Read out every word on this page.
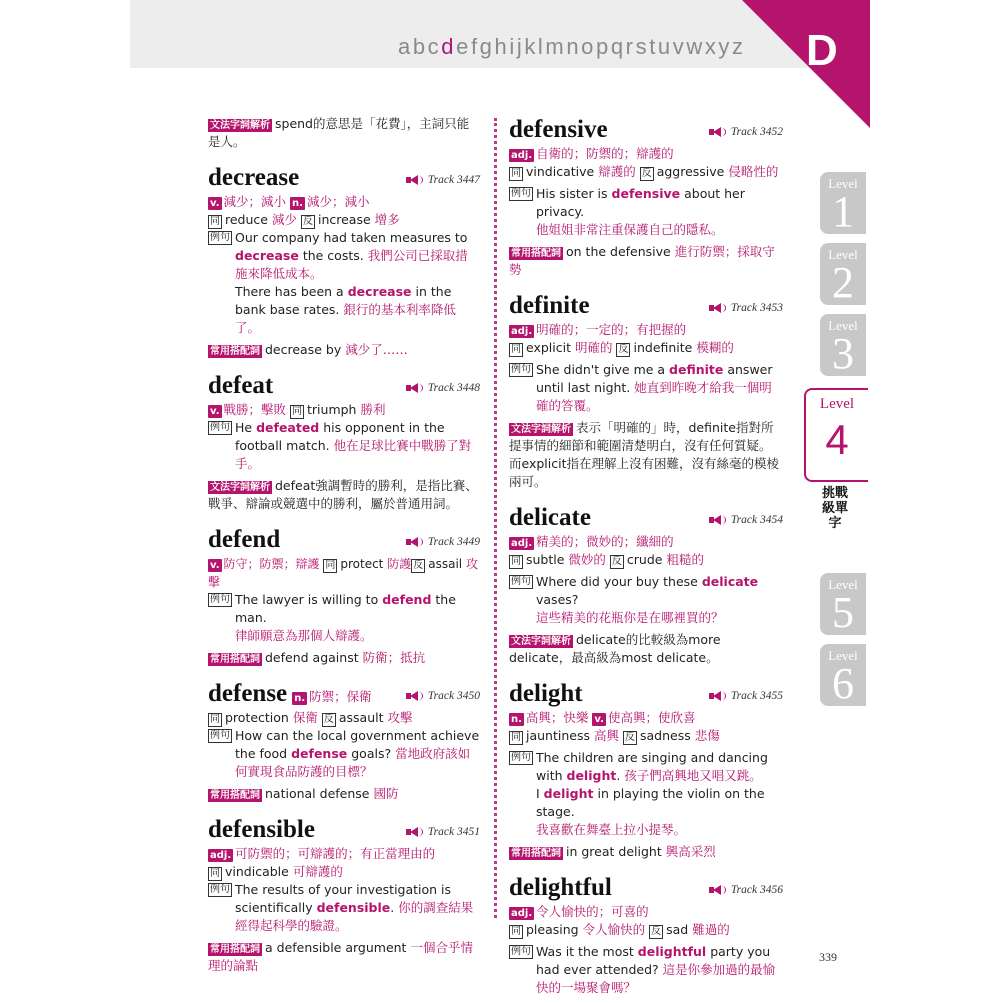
abcdefghijklmnopqrstuvwxyz D

文法字詞解析 spend的意思是「花費」，主詞只能是人。

decrease	Track 3447

v. 減少；減小 n. 減少；減小

同 reduce 減少 反 increase 增多

例句 Our company had taken measures to decrease the costs. 我們公司已採取措施來降低成本。
There has been a decrease in the bank base rates. 銀行的基本利率降低了。

常用搭配詞 decrease by 減少了……

defeat	Track 3448

v. 戰勝；擊敗 同 triumph 勝利

例句 He defeated his opponent in the football match. 他在足球比賽中戰勝了對手。

文法字詞解析 defeat強調暫時的勝利，是指比賽、戰爭、辯論或競選中的勝利，屬於普通用詞。

defend	Track 3449

v. 防守；防禦；辯護 同 protect 防護 反 assail 攻擊

例句 The lawyer is willing to defend the man.
律師願意為那個人辯護。

常用搭配詞 defend against 防衛；抵抗

defense n. 防禦；保衛	Track 3450

同 protection 保衛 反 assault 攻擊

例句 How can the local government achieve the food defense goals? 當地政府該如何實現食品防護的目標？

常用搭配詞 national defense 國防

defensible	Track 3451

adj. 可防禦的；可辯護的；有正當理由的

同 vindicable 可辯護的

例句 The results of your investigation is scientifically defensible. 你的調查結果經得起科學的驗證。

常用搭配詞 a defensible argument 一個合乎情理的論點

defensive	Track 3452

adj. 自衛的；防禦的；辯護的

同 vindicative 辯護的 反 aggressive 侵略性的

例句 His sister is defensive about her privacy.
他姐姐非常注重保護自己的隱私。

常用搭配詞 on the defensive 進行防禦；採取守勢

definite	Track 3453

adj. 明確的；一定的；有把握的

同 explicit 明確的 反 indefinite 模糊的

例句 She didn't give me a definite answer until last night. 她直到昨晚才給我一個明確的答覆。

文法字詞解析 表示「明確的」時，definite指對所提事情的細節和範圍清楚明白，沒有任何質疑。而explicit指在理解上沒有困難，沒有絲毫的模棱兩可。

delicate	Track 3454

adj. 精美的；微妙的；纖細的

同 subtle 微妙的 反 crude 粗糙的

例句 Where did your buy these delicate vases?
這些精美的花瓶你是在哪裡買的？

文法字詞解析 delicate的比較級為more delicate，最高級為most delicate。

delight	Track 3455

n. 高興；快樂 v. 使高興；使欣喜

同 jauntiness 高興 反 sadness 悲傷

例句 The children are singing and dancing with delight. 孩子們高興地又唱又跳。
I delight in playing the violin on the stage.
我喜歡在舞臺上拉小提琴。

常用搭配詞 in great delight 興高采烈

delightful	Track 3456

adj. 令人愉快的；可喜的

同 pleasing 令人愉快的 反 sad 難過的

例句 Was it the most delightful party you had ever attended? 這是你參加過的最愉快的一場聚會嗎？
Level
1
Level
2
Level
3
Level
4
挑戰級單字
Level
5
Level
6
339
